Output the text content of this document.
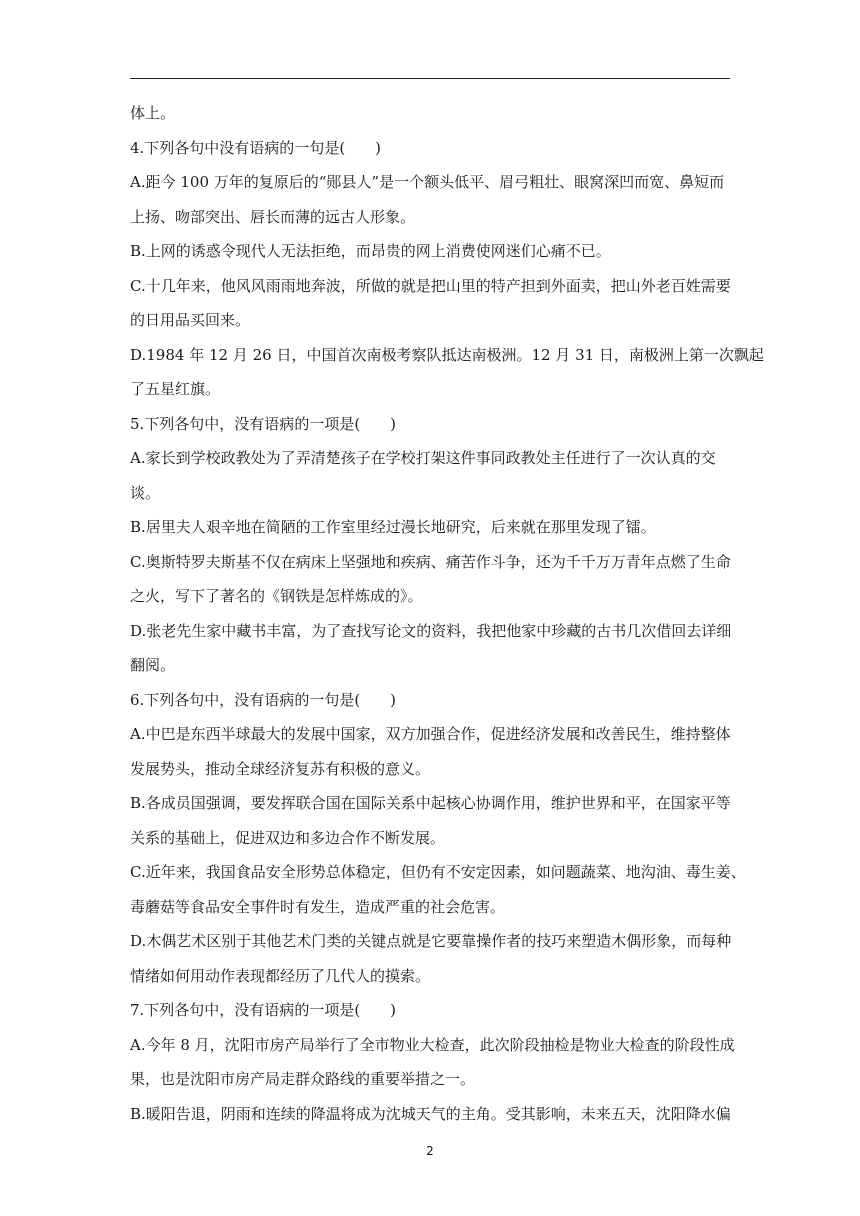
体上。
4.下列各句中没有语病的一句是(　　)
A.距今 100 万年的复原后的“郧县人”是一个额头低平、眉弓粗壮、眼窝深凹而宽、鼻短而
上扬、吻部突出、唇长而薄的远古人形象。
B.上网的诱惑令现代人无法拒绝，而昂贵的网上消费使网迷们心痛不已。
C.十几年来，他风风雨雨地奔波，所做的就是把山里的特产担到外面卖，把山外老百姓需要
的日用品买回来。
D.1984 年 12 月 26 日，中国首次南极考察队抵达南极洲。12 月 31 日，南极洲上第一次飘起
了五星红旗。
5.下列各句中，没有语病的一项是(　　)
A.家长到学校政教处为了弄清楚孩子在学校打架这件事同政教处主任进行了一次认真的交
谈。
B.居里夫人艰辛地在简陋的工作室里经过漫长地研究，后来就在那里发现了镭。
C.奥斯特罗夫斯基不仅在病床上坚强地和疾病、痛苦作斗争，还为千千万万青年点燃了生命
之火，写下了著名的《钢铁是怎样炼成的》。
D.张老先生家中藏书丰富，为了查找写论文的资料，我把他家中珍藏的古书几次借回去详细
翻阅。
6.下列各句中，没有语病的一句是(　　)
A.中巴是东西半球最大的发展中国家，双方加强合作，促进经济发展和改善民生，维持整体
发展势头，推动全球经济复苏有积极的意义。
B.各成员国强调，要发挥联合国在国际关系中起核心协调作用，维护世界和平，在国家平等
关系的基础上，促进双边和多边合作不断发展。
C.近年来，我国食品安全形势总体稳定，但仍有不安定因素，如问题蔬菜、地沟油、毒生姜、
毒蘑菇等食品安全事件时有发生，造成严重的社会危害。
D.木偶艺术区别于其他艺术门类的关键点就是它要靠操作者的技巧来塑造木偶形象，而每种
情绪如何用动作表现都经历了几代人的摸索。
7.下列各句中，没有语病的一项是(　　)
A.今年 8 月，沈阳市房产局举行了全市物业大检查，此次阶段抽检是物业大检查的阶段性成
果，也是沈阳市房产局走群众路线的重要举措之一。
B.暖阳告退，阴雨和连续的降温将成为沈城天气的主角。受其影响，未来五天，沈阳降水偏
2
